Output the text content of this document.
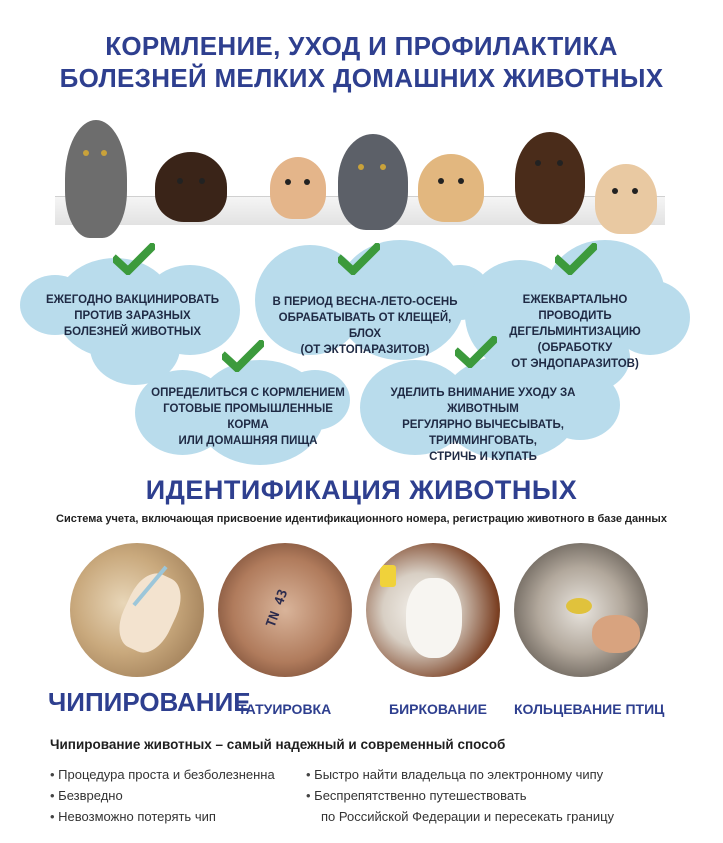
КОРМЛЕНИЕ, УХОД И ПРОФИЛАКТИКА
БОЛЕЗНЕЙ МЕЛКИХ ДОМАШНИХ ЖИВОТНЫХ
ЕЖЕГОДНО ВАКЦИНИРОВАТЬ
ПРОТИВ ЗАРАЗНЫХ
БОЛЕЗНЕЙ ЖИВОТНЫХ
В ПЕРИОД ВЕСНА-ЛЕТО-ОСЕНЬ
ОБРАБАТЫВАТЬ ОТ КЛЕЩЕЙ, БЛОХ
(ОТ ЭКТОПАРАЗИТОВ)
ЕЖЕКВАРТАЛЬНО ПРОВОДИТЬ
ДЕГЕЛЬМИНТИЗАЦИЮ
(ОБРАБОТКУ
ОТ ЭНДОПАРАЗИТОВ)
ОПРЕДЕЛИТЬСЯ С КОРМЛЕНИЕМ
ГОТОВЫЕ ПРОМЫШЛЕННЫЕ КОРМА
ИЛИ ДОМАШНЯЯ ПИЩА
УДЕЛИТЬ ВНИМАНИЕ УХОДУ ЗА ЖИВОТНЫМ
РЕГУЛЯРНО ВЫЧЕСЫВАТЬ, ТРИММИНГОВАТЬ,
СТРИЧЬ И КУПАТЬ
ИДЕНТИФИКАЦИЯ ЖИВОТНЫХ
Система учета, включающая присвоение идентификационного номера, регистрацию животного в базе данных
TN 43
ЧИПИРОВАНИЕ
ТАТУИРОВКА	БИРКОВАНИЕ КОЛЬЦЕВАНИЕ ПТИЦ
Чипирование животных – самый надежный и современный способ
• Процедура проста и безболезненна
• Безвредно
• Невозможно потерять чип
• Быстро найти владельца по электронному чипу
• Беспрепятственно путешествовать
по Российской Федерации и пересекать границу
